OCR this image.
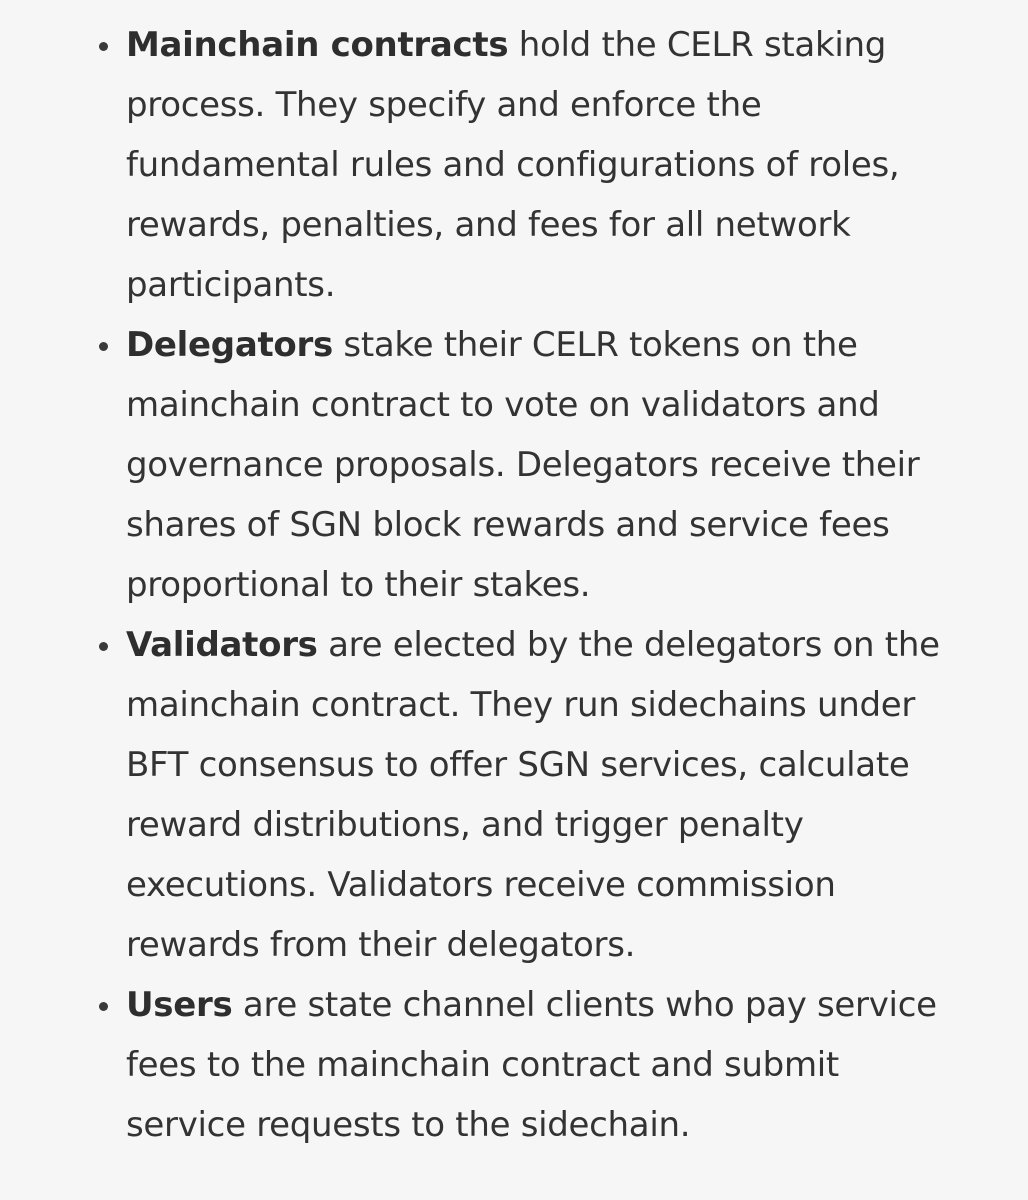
Mainchain contracts hold the CELR staking
process. They specify and enforce the
fundamental rules and configurations of roles,
rewards, penalties, and fees for all network
participants.
Delegators stake their CELR tokens on the
mainchain contract to vote on validators and
governance proposals. Delegators receive their
shares of SGN block rewards and service fees
proportional to their stakes.
Validators are elected by the delegators on the
mainchain contract. They run sidechains under
BFT consensus to offer SGN services, calculate
reward distributions, and trigger penalty
executions. Validators receive commission
rewards from their delegators.
Users are state channel clients who pay service
fees to the mainchain contract and submit
service requests to the sidechain.
